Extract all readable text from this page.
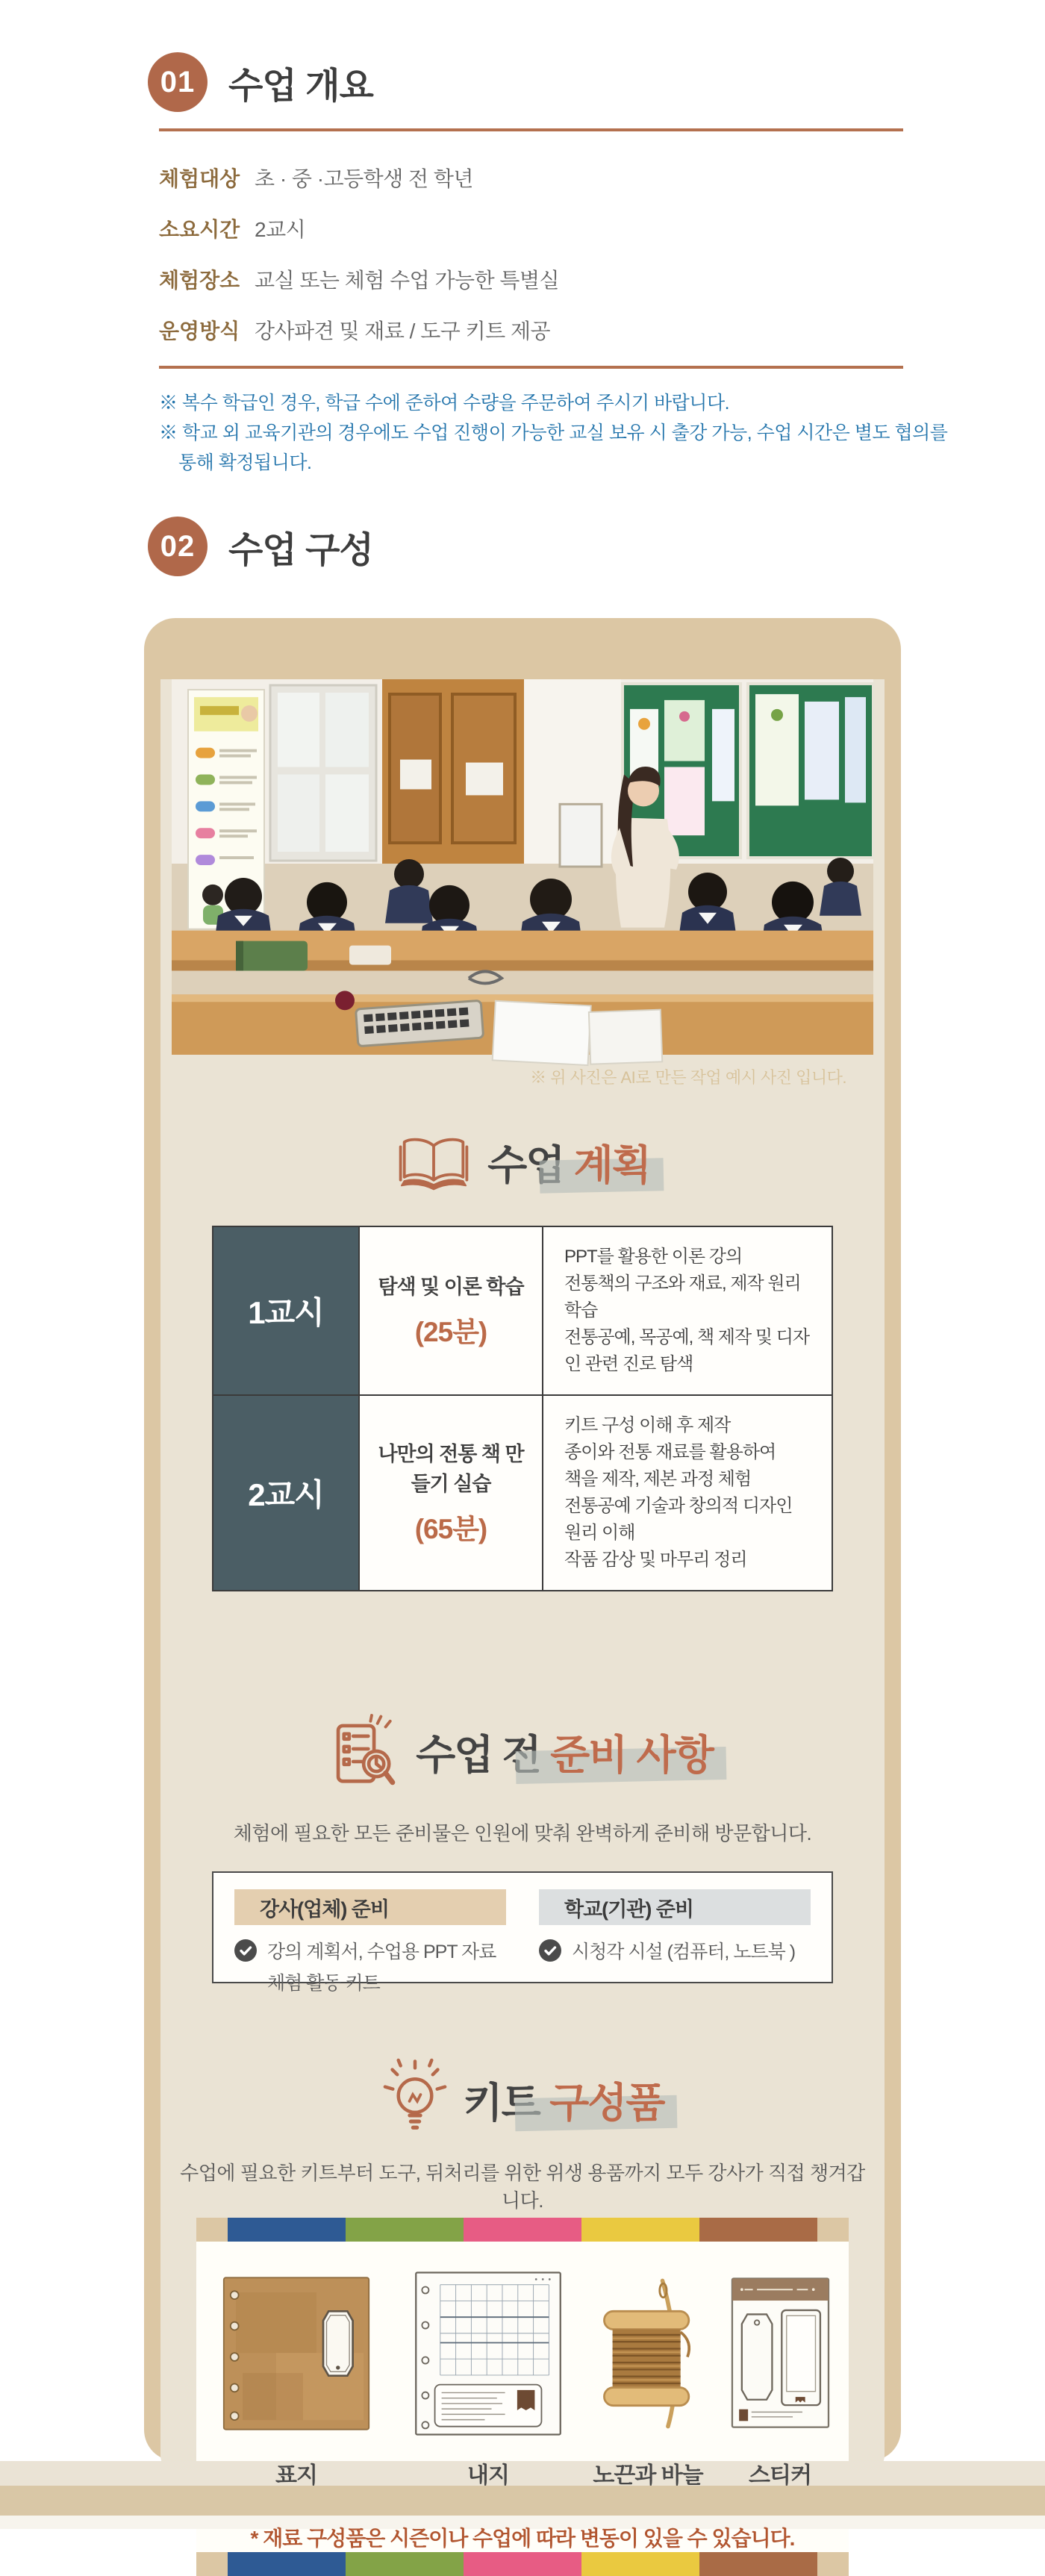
01 수업 개요
체험대상 초 · 중 ·고등학생 전 학년
소요시간 2교시
체험장소 교실 또는 체험 수업 가능한 특별실
운영방식 강사파견 및 재료 / 도구 키트 제공

※ 복수 학급인 경우, 학급 수에 준하여 수량을 주문하여 주시기 바랍니다.

※ 학교 외 교육기관의 경우에도 수업 진행이 가능한 교실 보유 시 출강 가능, 수업 시간은 별도 협의를 통해 확정됩니다.

02 수업 구성
※ 위 사진은 AI로 만든 작업 예시 사진 입니다.
수업 계획
1교시	
탐색 및 이론 학습
(25분)

PPT를 활용한 이론 강의
전통책의 구조와 재료, 제작 원리 학습
전통공예, 목공예, 책 제작 및 디자인 관련 진로 탐색

2교시	
나만의 전통 책 만들기 실습
(65분)

키트 구성 이해 후 제작
종이와 전통 재료를 활용하여
책을 제작, 제본 과정 체험
전통공예 기술과 창의적 디자인 원리 이해
작품 감상 및 마무리 정리
수업 전 준비 사항
체험에 필요한 모든 준비물은 인원에 맞춰 완벽하게 준비해 방문합니다.
강사(업체) 준비
강의 계획서, 수업용 PPT 자료
체험 활동 키트
학교(기관) 준비
시청각 시설 (컴퓨터, 노트북 )
키트 구성품
수업에 필요한 키트부터 도구, 뒤처리를 위한 위생 용품까지 모두 강사가 직접 챙겨갑니다.
표지	내지	노끈과 바늘	스티커
* 재료 구성품은 시즌이나 수업에 따라 변동이 있을 수 있습니다.
